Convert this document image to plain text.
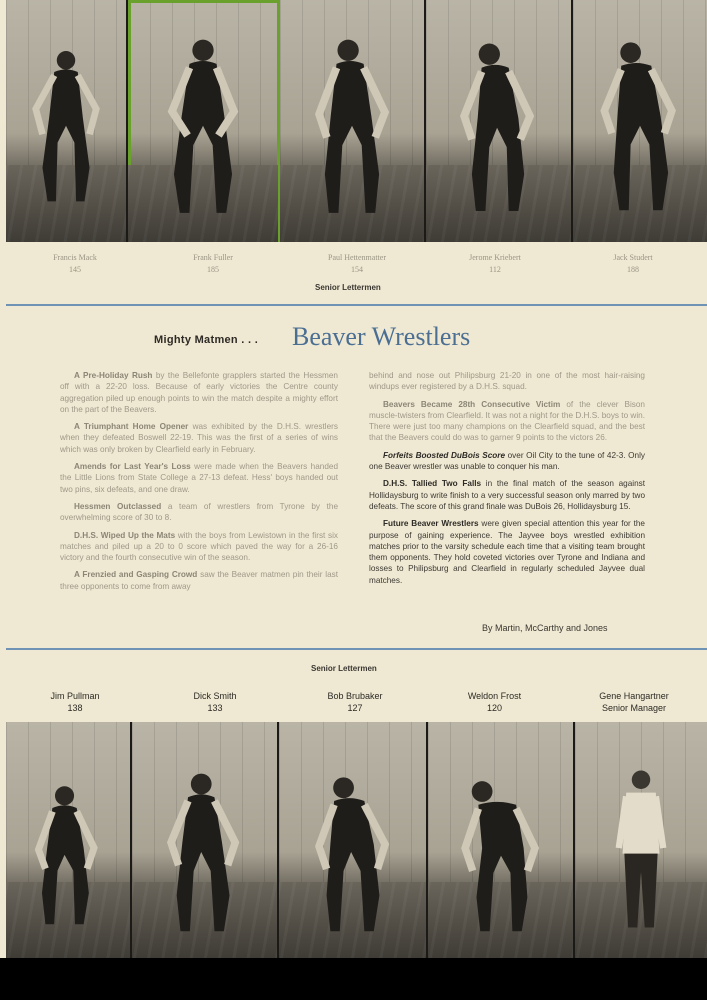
Francis Mack
145
Frank Fuller
185
Paul Hettenmatter
154
Jerome Kriebert
112
Jack Studert
188
Senior Lettermen
Mighty Matmen . . . Beaver Wrestlers

A Pre-Holiday Rush by the Bellefonte grapplers started the Hessmen off with a 22-20 loss. Because of early victories the Centre county aggregation piled up enough points to win the match despite a mighty effort on the part of the Beavers.

A Triumphant Home Opener was exhibited by the D.H.S. wrestlers when they defeated Boswell 22-19. This was the first of a series of wins which was only broken by Clearfield early in February.

Amends for Last Year's Loss were made when the Beavers handed the Little Lions from State College a 27-13 defeat. Hess' boys handed out two pins, six defeats, and one draw.

Hessmen Outclassed a team of wrestlers from Tyrone by the overwhelming score of 30 to 8.

D.H.S. Wiped Up the Mats with the boys from Lewistown in the first six matches and piled up a 20 to 0 score which paved the way for a 26-16 victory and the fourth consecutive win of the season.

A Frenzied and Gasping Crowd saw the Beaver matmen pin their last three opponents to come from away

behind and nose out Philipsburg 21-20 in one of the most hair-raising windups ever registered by a D.H.S. squad.

Beavers Became 28th Consecutive Victim of the clever Bison muscle-twisters from Clearfield. It was not a night for the D.H.S. boys to win. There were just too many champions on the Clearfield squad, and the best that the Beavers could do was to garner 9 points to the victors 26.

Forfeits Boosted DuBois Score over Oil City to the tune of 42-3. Only one Beaver wrestler was unable to conquer his man.

D.H.S. Tallied Two Falls in the final match of the season against Hollidaysburg to write finish to a very successful season only marred by two defeats. The score of this grand finale was DuBois 26, Hollidaysburg 15.

Future Beaver Wrestlers were given special attention this year for the purpose of gaining experience. The Jayvee boys wrestled exhibition matches prior to the varsity schedule each time that a visiting team brought them opponents. They hold coveted victories over Tyrone and Indiana and losses to Philipsburg and Clearfield in regularly scheduled Jayvee dual matches.

By Martin, McCarthy and Jones
Senior Lettermen
Jim Pullman
138
Dick Smith
133
Bob Brubaker
127
Weldon Frost
120
Gene Hangartner
Senior Manager
